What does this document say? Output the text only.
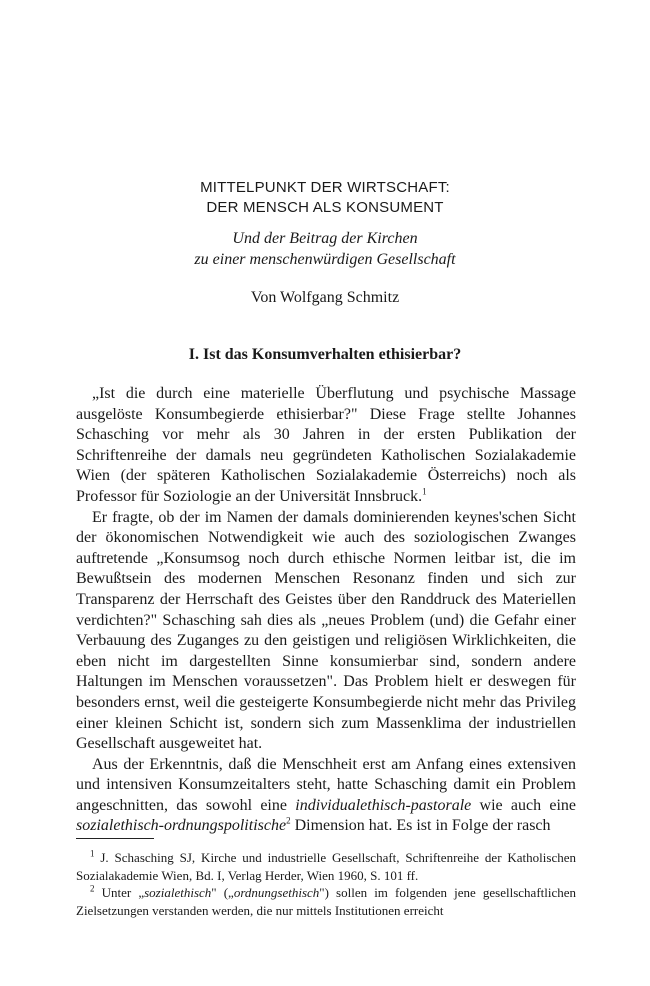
MITTELPUNKT DER WIRTSCHAFT:
DER MENSCH ALS KONSUMENT
Und der Beitrag der Kirchen
zu einer menschenwürdigen Gesellschaft
Von Wolfgang Schmitz
I. Ist das Konsumverhalten ethisierbar?

„Ist die durch eine materielle Überflutung und psychische Massage ausgelöste Konsumbegierde ethisierbar?" Diese Frage stellte Johannes Schasching vor mehr als 30 Jahren in der ersten Publikation der Schriftenreihe der damals neu gegründeten Katholischen Sozialakademie Wien (der späteren Katholischen Sozialakademie Österreichs) noch als Professor für Soziologie an der Universität Innsbruck.$^1$

Er fragte, ob der im Namen der damals dominierenden keynes'schen Sicht der ökonomischen Notwendigkeit wie auch des soziologischen Zwanges auftretende „Konsumsog noch durch ethische Normen leitbar ist, die im Bewußtsein des modernen Menschen Resonanz finden und sich zur Transparenz der Herrschaft des Geistes über den Randdruck des Materiellen verdichten?" Schasching sah dies als „neues Problem (und) die Gefahr einer Verbauung des Zuganges zu den geistigen und religiösen Wirklichkeiten, die eben nicht im dargestellten Sinne konsumierbar sind, sondern andere Haltungen im Menschen voraussetzen". Das Problem hielt er deswegen für besonders ernst, weil die gesteigerte Konsumbegierde nicht mehr das Privileg einer kleinen Schicht ist, sondern sich zum Massenklima der industriellen Gesellschaft ausgeweitet hat.

Aus der Erkenntnis, daß die Menschheit erst am Anfang eines extensiven und intensiven Konsumzeitalters steht, hatte Schasching damit ein Problem angeschnitten, das sowohl eine individualethisch-pastorale wie auch eine sozialethisch-ordnungspolitische$^2$ Dimension hat. Es ist in Folge der rasch

$^1$ J. Schasching SJ, Kirche und industrielle Gesellschaft, Schriftenreihe der Katholischen Sozialakademie Wien, Bd. I, Verlag Herder, Wien 1960, S. 101 ff.

$^2$ Unter „sozialethisch" („ordnungsethisch") sollen im folgenden jene gesellschaftlichen Zielsetzungen verstanden werden, die nur mittels Institutionen erreicht
